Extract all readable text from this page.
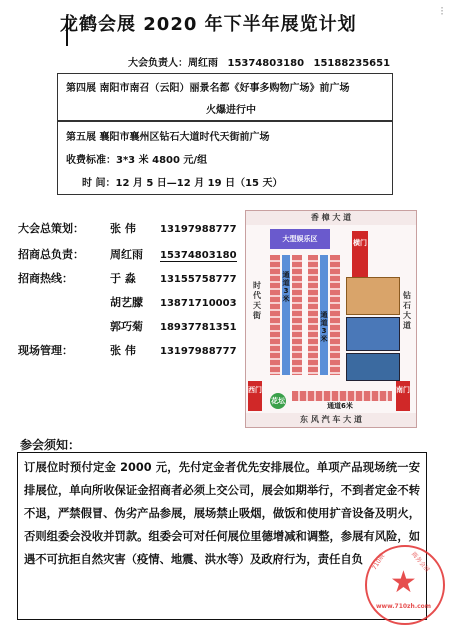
⁝
龙鹤会展 2020 年下半年展览计划
大会负责人：周红雨 15374803180 15188235651
第四展 南阳市南召（云阳）丽景名都《好事多购物广场》前广场
火爆进行中
第五展 襄阳市襄州区钻石大道时代天街前广场
收费标准：3*3 米 4800 元/组
时 间：12 月 5 日—12 月 19 日（15 天）
大会总策划： 张 伟 13197988777
招商总负责： 周红雨 15374803180
招商热线：	于 淼 13155758777
胡艺朦 13871710003
郭巧菊 18937781351
现场管理：	张 伟 13197988777
香 樟 大 道
东 风 汽 车 大 道
时代天街
钻石大道
大型娱乐区	横门
通道3米
通道3米
西门
花坛
通道6米
南门
参会须知：
订展位时预付定金 2000 元，先付定金者优先安排展位。单项产品现场统一安排展位，单向所收保证金招商者必须上交公司，展会如期举行，不到者定金不转不退，严禁假冒、伪劣产品参展，展场禁止吸烟，做饭和使用扩音设备及明火，否则组委会没收并罚款。组委会可对任何展位里德增减和调整，参展有风险，如遇不可抗拒自然灾害（疫情、地震、洪水等）及政府行为，责任自负	710展	商务会展
★
www.710zh.com
